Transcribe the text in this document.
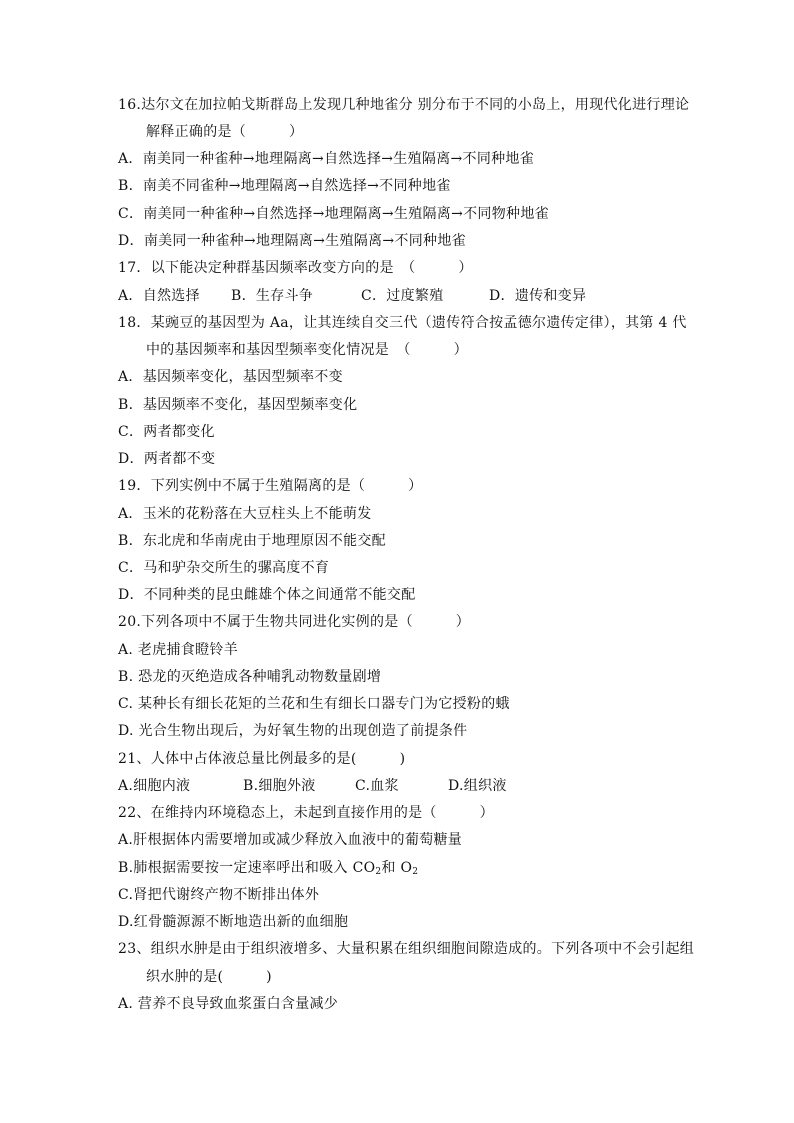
16.达尔文在加拉帕戈斯群岛上发现几种地雀分 别分布于不同的小岛上，用现代化进行理论
解释正确的是（　　　）
A．南美同一种雀种→地理隔离→自然选择→生殖隔离→不同种地雀
B．南美不同雀种→地理隔离→自然选择→不同种地雀
C．南美同一种雀种→自然选择→地理隔离→生殖隔离→不同物种地雀
D．南美同一种雀种→地理隔离→生殖隔离→不同种地雀
17．以下能决定种群基因频率改变方向的是　（　　　）
A．自然选择 B．生存斗争	C．过度繁殖	D．遗传和变异
18．某豌豆的基因型为 Aa，让其连续自交三代（遗传符合按孟德尔遗传定律），其第 4 代
中的基因频率和基因型频率变化情况是　（　　　）
A．基因频率变化，基因型频率不变
B．基因频率不变化，基因型频率变化
C．两者都变化
D．两者都不变
19．下列实例中不属于生殖隔离的是（　　　）
A．玉米的花粉落在大豆柱头上不能萌发
B．东北虎和华南虎由于地理原因不能交配
C．马和驴杂交所生的骡高度不育
D．不同种类的昆虫雌雄个体之间通常不能交配
20.下列各项中不属于生物共同进化实例的是（　　　）
A. 老虎捕食瞪铃羊
B. 恐龙的灭绝造成各种哺乳动物数量剧增
C. 某种长有细长花矩的兰花和生有细长口器专门为它授粉的蛾
D. 光合生物出现后，为好氧生物的出现创造了前提条件
21、人体中占体液总量比例最多的是(　　　)
A.细胞内液	B.细胞外液	C.血浆	D.组织液
22、在维持内环境稳态上，未起到直接作用的是（　　　）
A.肝根据体内需要增加或减少释放入血液中的葡萄糖量
B.肺根据需要按一定速率呼出和吸入 $CO_2$和 $O_2$
C.肾把代谢终产物不断排出体外
D.红骨髓源源不断地造出新的血细胞
23、组织水肿是由于组织液增多、大量积累在组织细胞间隙造成的。下列各项中不会引起组
织水肿的是(　　　)
A. 营养不良导致血浆蛋白含量减少
